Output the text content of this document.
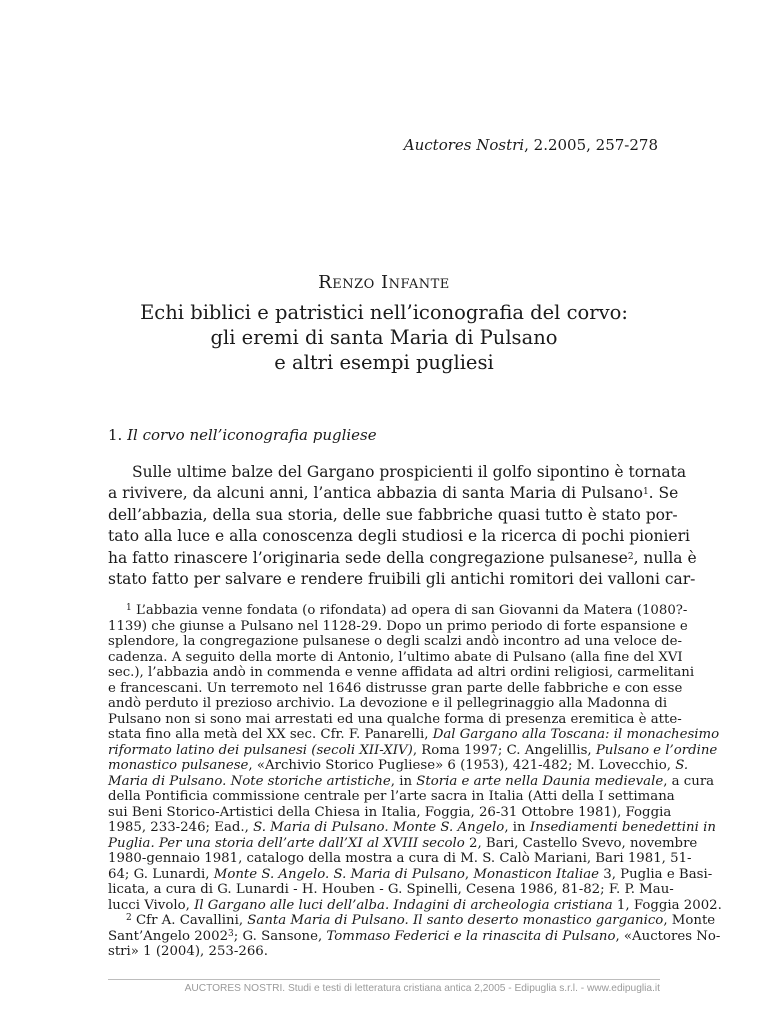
Auctores Nostri, 2.2005, 257-278
Renzo Infante
Echi biblici e patristici nell’iconografia del corvo:
gli eremi di santa Maria di Pulsano
e altri esempi pugliesi
1. Il corvo nell’iconografia pugliese
Sulle ultime balze del Gargano prospicienti il golfo sipontino è tornata
a rivivere, da alcuni anni, l’antica abbazia di santa Maria di Pulsano$^1$. Se
dell’abbazia, della sua storia, delle sue fabbriche quasi tutto è stato por-
tato alla luce e alla conoscenza degli studiosi e la ricerca di pochi pionieri
ha fatto rinascere l’originaria sede della congregazione pulsanese$^2$, nulla è
stato fatto per salvare e rendere fruibili gli antichi romitori dei valloni car-
$^1$ L’abbazia venne fondata (o rifondata) ad opera di san Giovanni da Matera (1080?-
1139) che giunse a Pulsano nel 1128-29. Dopo un primo periodo di forte espansione e
splendore, la congregazione pulsanese o degli scalzi andò incontro ad una veloce de-
cadenza. A seguito della morte di Antonio, l’ultimo abate di Pulsano (alla fine del XVI
sec.), l’abbazia andò in commenda e venne affidata ad altri ordini religiosi, carmelitani
e francescani. Un terremoto nel 1646 distrusse gran parte delle fabbriche e con esse
andò perduto il prezioso archivio. La devozione e il pellegrinaggio alla Madonna di
Pulsano non si sono mai arrestati ed una qualche forma di presenza eremitica è atte-
stata fino alla metà del XX sec. Cfr. F. Panarelli, Dal Gargano alla Toscana: il monachesimo
riformato latino dei pulsanesi (secoli XII-XIV), Roma 1997; C. Angelillis, Pulsano e l’ordine
monastico pulsanese, «Archivio Storico Pugliese» 6 (1953), 421-482; M. Lovecchio, S.
Maria di Pulsano. Note storiche artistiche, in Storia e arte nella Daunia medievale, a cura
della Pontificia commissione centrale per l’arte sacra in Italia (Atti della I settimana
sui Beni Storico-Artistici della Chiesa in Italia, Foggia, 26-31 Ottobre 1981), Foggia
1985, 233-246; Ead., S. Maria di Pulsano. Monte S. Angelo, in Insediamenti benedettini in
Puglia. Per una storia dell’arte dall’XI al XVIII secolo 2, Bari, Castello Svevo, novembre
1980-gennaio 1981, catalogo della mostra a cura di M. S. Calò Mariani, Bari 1981, 51-
64; G. Lunardi, Monte S. Angelo. S. Maria di Pulsano, Monasticon Italiae 3, Puglia e Basi-
licata, a cura di G. Lunardi - H. Houben - G. Spinelli, Cesena 1986, 81-82; F. P. Mau-
lucci Vivolo, Il Gargano alle luci dell’alba. Indagini di archeologia cristiana 1, Foggia 2002.
$^2$ Cfr A. Cavallini, Santa Maria di Pulsano. Il santo deserto monastico garganico, Monte
Sant’Angelo 2002$^3$; G. Sansone, Tommaso Federici e la rinascita di Pulsano, «Auctores No-
stri» 1 (2004), 253-266.
AUCTORES NOSTRI. Studi e testi di letteratura cristiana antica 2,2005 - Edipuglia s.r.l. - www.edipuglia.it
